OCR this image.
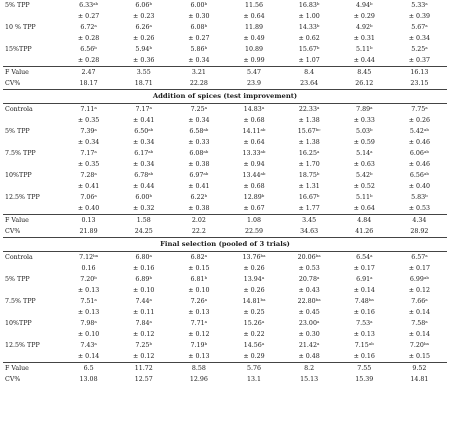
5% TPP	6.33$^{ab}$	6.06$^b$	6.00$^b$	11.56	16.83$^b$	4.94$^b$	5.33$^a$
	± 0.27	± 0.23	± 0.30	± 0.64	± 1.00	± 0.29	± 0.39
10 % TPP	6.72$^a$	6.26$^a$	6.08$^b$	11.89	14.33$^b$	4.92$^b$	5.67$^a$
	± 0.28	± 0.26	± 0.27	± 0.49	± 0.62	± 0.31	± 0.34
15%TPP	6.56$^b$	5.94$^b$	5.86$^b$	10.89	15.67$^b$	5.11$^b$	5.25$^a$
	± 0.28	± 0.36	± 0.34	± 0.99	± 1.07	± 0.44	± 0.37
F Value	2.47	3.55	3.21	5.47	8.4	8.45	16.13
CV%	18.17	18.71	22.28	23.9	23.64	26.12	23.15
Addition of spices (test improvement)							
Controla	7.11$^a$	7.17$^a$	7.25$^a$	14.83$^a$	22.33$^a$	7.89$^a$	7.75$^a$
	± 0.35	± 0.41	± 0.34	± 0.68	± 1.38	± 0.33	± 0.26
5% TPP	7.39$^a$	6.50$^{ab}$	6.58$^{ab}$	14.11$^{ab}$	15.67$^{bc}$	5.03$^b$	5.42$^{ab}$
	± 0.34	± 0.34	± 0.33	± 0.64	± 1.38	± 0.59	± 0.46
7.5% TPP	7.17$^a$	6.17$^{ab}$	6.08$^{ab}$	13.33$^{ab}$	16.25$^a$	5.14$^a$	6.06$^{ab}$
	± 0.35	± 0.34	± 0.38	± 0.94	± 1.70	± 0.63	± 0.46
10%TPP	7.28$^a$	6.78$^{ab}$	6.97$^{ab}$	13.44$^{ab}$	18.75$^b$	5.42$^b$	6.56$^{ab}$
	± 0.41	± 0.44	± 0.41	± 0.68	± 1.31	± 0.52	± 0.40
12.5% TPP	7.06$^a$	6.00$^b$	6.22$^b$	12.89$^b$	16.67$^b$	5.11$^b$	5.83$^b$
	± 0.40	± 0.32	± 0.38	± 0.67	± 1.77	± 0.64	± 0.53
F Value	0.13	1.58	2.02	1.08	3.45	4.84	4.34
CV%	21.89	24.25	22.2	22.59	34.63	41.26	28.92
Final selection (pooled of 3 trials)							
Controla	7.12$^{ba}$	6.80$^a$	6.82$^a$	13.76$^{ba}$	20.06$^{ba}$	6.54$^a$	6.57$^a$
	0.16	± 0.16	± 0.15	± 0.26	± 0.53	± 0.17	± 0.17
5% TPP	7.20$^b$	6.89$^b$	6.81$^b$	13.94$^a$	20.78$^a$	6.91$^a$	6.99$^{ab}$
	± 0.13	± 0.10	± 0.10	± 0.26	± 0.43	± 0.14	± 0.12
7.5% TPP	7.51$^a$	7.44$^a$	7.26$^a$	14.81$^{ba}$	22.80$^{ba}$	7.48$^{ba}$	7.66$^a$
	± 0.13	± 0.11	± 0.13	± 0.25	± 0.45	± 0.16	± 0.14
10%TPP	7.98$^a$	7.84$^a$	7.71$^a$	15.26$^a$	23.00$^a$	7.53$^a$	7.58$^a$
	± 0.10	± 0.12	± 0.12	± 0.22	± 0.30	± 0.13	± 0.14
12.5% TPP	7.43$^a$	7.25$^b$	7.19$^b$	14.56$^a$	21.42$^a$	7.15$^{ab}$	7.20$^{ba}$
	± 0.14	± 0.12	± 0.13	± 0.29	± 0.48	± 0.16	± 0.15
F Value	6.5	11.72	8.58	5.76	8.2	7.55	9.52
CV%	13.08	12.57	12.96	13.1	15.13	15.39	14.81
